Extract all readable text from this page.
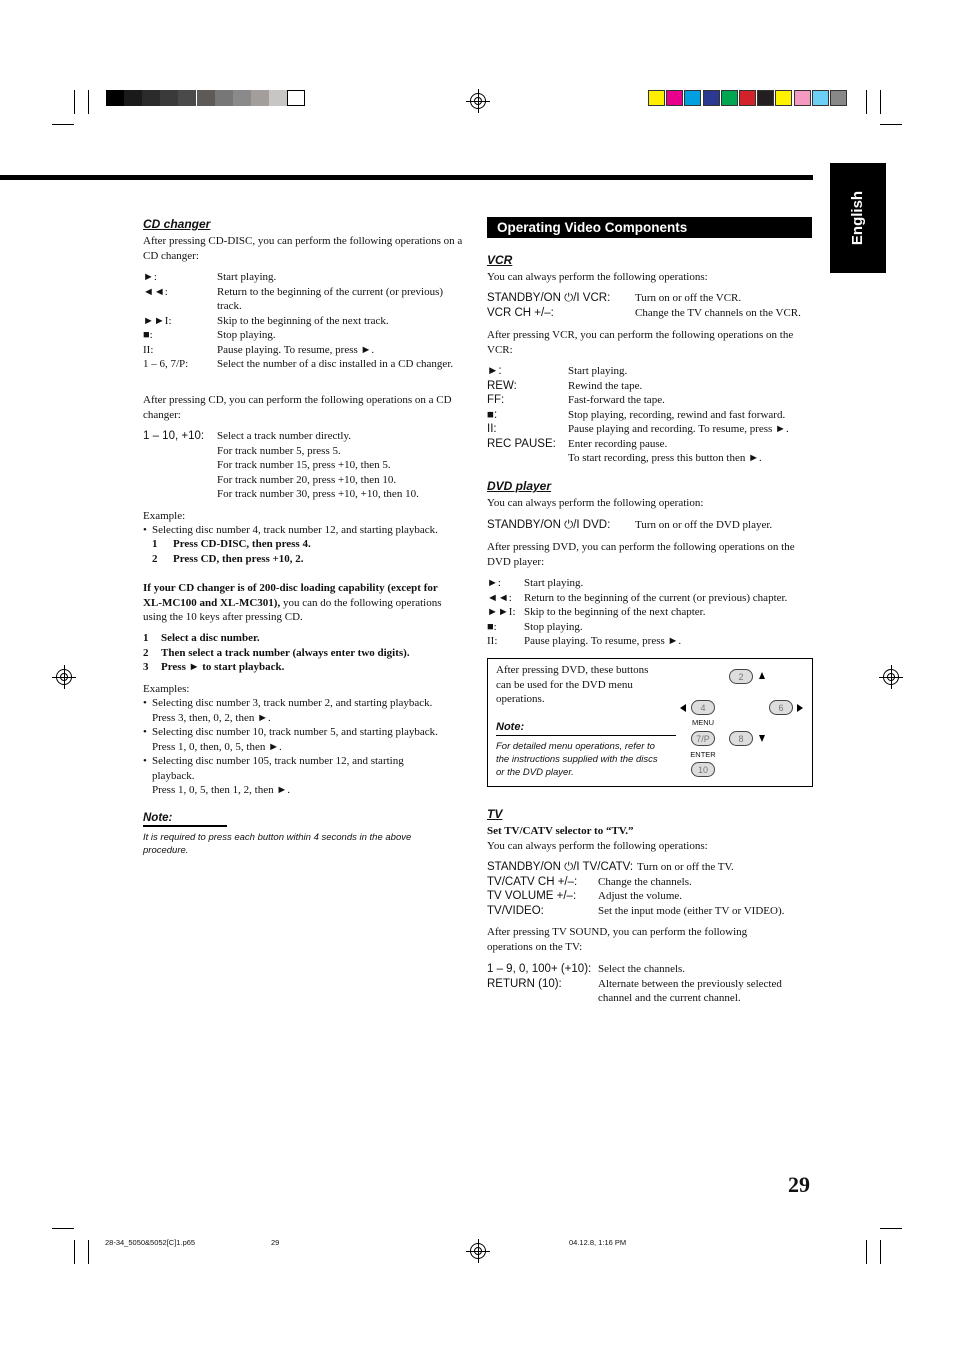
English
CD changer
After pressing CD-DISC, you can perform the following operations on a CD changer:
►:	Start playing.
◄◄:	Return to the beginning of the current (or previous) track.
►►I:	Skip to the beginning of the next track.
■:	Stop playing.
II:	Pause playing. To resume, press ►.
1 – 6, 7/P:	Select the number of a disc installed in a CD changer.
After pressing CD, you can perform the following operations on a CD changer:
1 – 10, +10: Select a track number directly.
For track number 5, press 5.
For track number 15, press +10, then 5.
For track number 20, press +10, then 10.
For track number 30, press +10, +10, then 10.
Example:
• Selecting disc number 4, track number 12, and starting playback.
1 Press CD-DISC, then press 4.
2 Press CD, then press +10, 2.
If your CD changer is of 200-disc loading capability (except for
XL-MC100 and XL-MC301), you can do the following operations
using the 10 keys after pressing CD.
1 Select a disc number.
2 Then select a track number (always enter two digits).
3 Press ► to start playback.
Examples:
• Selecting disc number 3, track number 2, and starting playback.
Press 3, then, 0, 2, then ►.
• Selecting disc number 10, track number 5, and starting playback.
Press 1, 0, then, 0, 5, then ►.
• Selecting disc number 105, track number 12, and starting
playback.
Press 1, 0, 5, then 1, 2, then ►.
Note:
It is required to press each button within 4 seconds in the above
procedure.
Operating Video Components
VCR
You can always perform the following operations:
STANDBY/ON ⏻/I VCR: Turn on or off the VCR.
VCR CH +/–:	Change the TV channels on the VCR.
After pressing VCR, you can perform the following operations on the VCR:
►:	Start playing.
REW:	Rewind the tape.
FF:	Fast-forward the tape.
■:	Stop playing, recording, rewind and fast forward.
II:	Pause playing and recording. To resume, press ►.
REC PAUSE: Enter recording pause.
To start recording, press this button then ►.
DVD player
You can always perform the following operation:
STANDBY/ON ⏻/I DVD: Turn on or off the DVD player.
After pressing DVD, you can perform the following operations on the DVD player:
►: Start playing.
◄◄: Return to the beginning of the current (or previous) chapter.
►►I: Skip to the beginning of the next chapter.
■: Stop playing.
II: Pause playing. To resume, press ►.
After pressing DVD, these buttons
can be used for the DVD menu
operations.
Note:
For detailed menu operations, refer to
the instructions supplied with the discs
or the DVD player.
2
4	6
MENU
7/P	8
ENTER
10
TV
Set TV/CATV selector to “TV.”
You can always perform the following operations:
STANDBY/ON ⏻/I TV/CATV: Turn on or off the TV.
TV/CATV CH +/–: Change the channels.
TV VOLUME +/–: Adjust the volume.
TV/VIDEO:	Set the input mode (either TV or VIDEO).
After pressing TV SOUND, you can perform the following operations on the TV:
1 – 9, 0, 100+ (+10): Select the channels.
RETURN (10):	Alternate between the previously selected channel and the current channel.
29
28-34_5050&5052[C]1.p65	29	04.12.8, 1:16 PM
